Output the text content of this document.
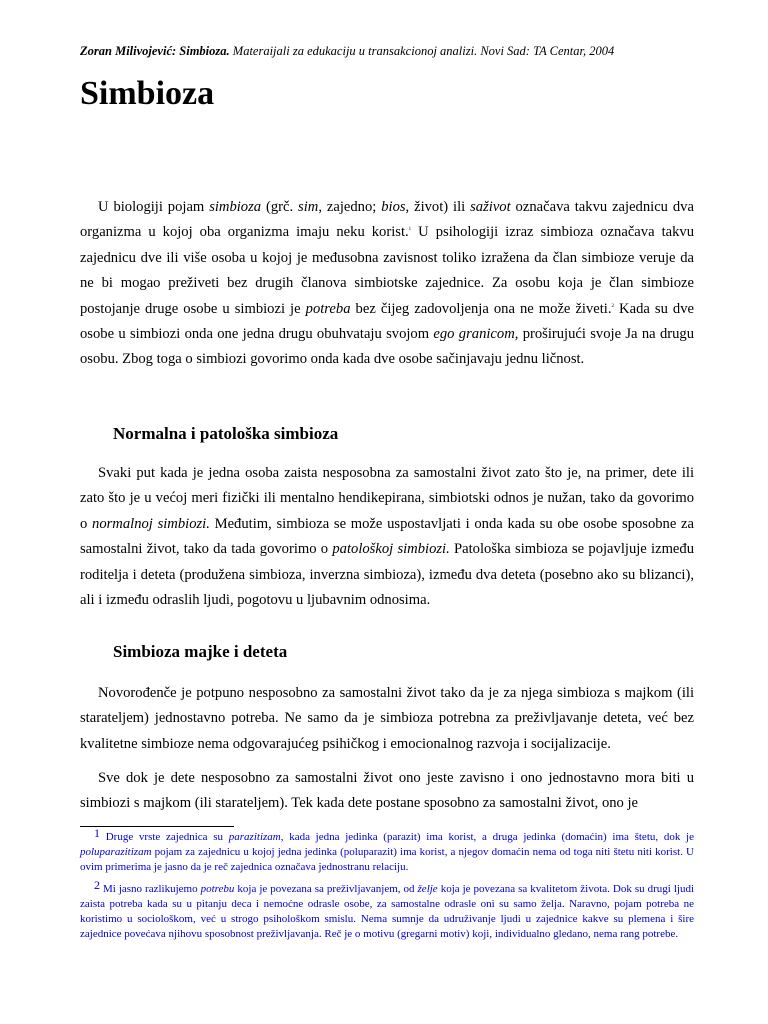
Zoran Milivojević: Simbioza. Materaijali za edukaciju u transakcionoj analizi. Novi Sad: TA Centar, 2004
Simbioza

U biologiji pojam simbioza (grč. sim, zajedno; bios, život) ili saživot označava takvu zajednicu dva organizma u kojoj oba organizma imaju neku korist.$^1$ U psihologiji izraz simbioza označava takvu zajednicu dve ili više osoba u kojoj je međusobna zavisnost toliko izražena da član simbioze veruje da ne bi mogao preživeti bez drugih članova simbiotske zajednice. Za osobu koja je član simbioze postojanje druge osobe u simbiozi je potreba bez čijeg zadovoljenja ona ne može živeti.$^2$ Kada su dve osobe u simbiozi onda one jedna drugu obuhvataju svojom ego granicom, proširujući svoje Ja na drugu osobu. Zbog toga o simbiozi govorimo onda kada dve osobe sačinjavaju jednu ličnost.

Normalna i patološka simbioza

Svaki put kada je jedna osoba zaista nesposobna za samostalni život zato što je, na primer, dete ili zato što je u većoj meri fizički ili mentalno hendikepirana, simbiotski odnos je nužan, tako da govorimo o normalnoj simbiozi. Međutim, simbioza se može uspostavljati i onda kada su obe osobe sposobne za samostalni život, tako da tada govorimo o patološkoj simbiozi. Patološka simbioza se pojavljuje između roditelja i deteta (produžena simbioza, inverzna simbioza), između dva deteta (posebno ako su blizanci), ali i između odraslih ljudi, pogotovu u ljubavnim odnosima.

Simbioza majke i deteta

Novorođenče je potpuno nesposobno za samostalni život tako da je za njega simbioza s majkom (ili starateljem) jednostavno potreba. Ne samo da je simbioza potrebna za preživljavanje deteta, već bez kvalitetne simbioze nema odgovarajućeg psihičkog i emocionalnog razvoja i socijalizacije.

Sve dok je dete nesposobno za samostalni život ono jeste zavisno i ono jednostavno mora biti u simbiozi s majkom (ili starateljem). Tek kada dete postane sposobno za samostalni život, ono je

1 Druge vrste zajednica su parazitizam, kada jedna jedinka (parazit) ima korist, a druga jedinka (domaćin) ima štetu, dok je poluparazitizam pojam za zajednicu u kojoj jedna jedinka (poluparazit) ima korist, a njegov domaćin nema od toga niti štetu niti korist. U ovim primerima je jasno da je reč zajednica označava jednostranu relaciju.

2 Mi jasno razlikujemo potrebu koja je povezana sa preživljavanjem, od želje koja je povezana sa kvalitetom života. Dok su drugi ljudi zaista potreba kada su u pitanju deca i nemoćne odrasle osobe, za samostalne odrasle oni su samo želja. Naravno, pojam potreba ne koristimo u sociološkom, već u strogo psihološkom smislu. Nema sumnje da udruživanje ljudi u zajednice kakve su plemena i šire zajednice povećava njihovu sposobnost preživljavanja. Reč je o motivu (gregarni motiv) koji, individualno gledano, nema rang potrebe.
